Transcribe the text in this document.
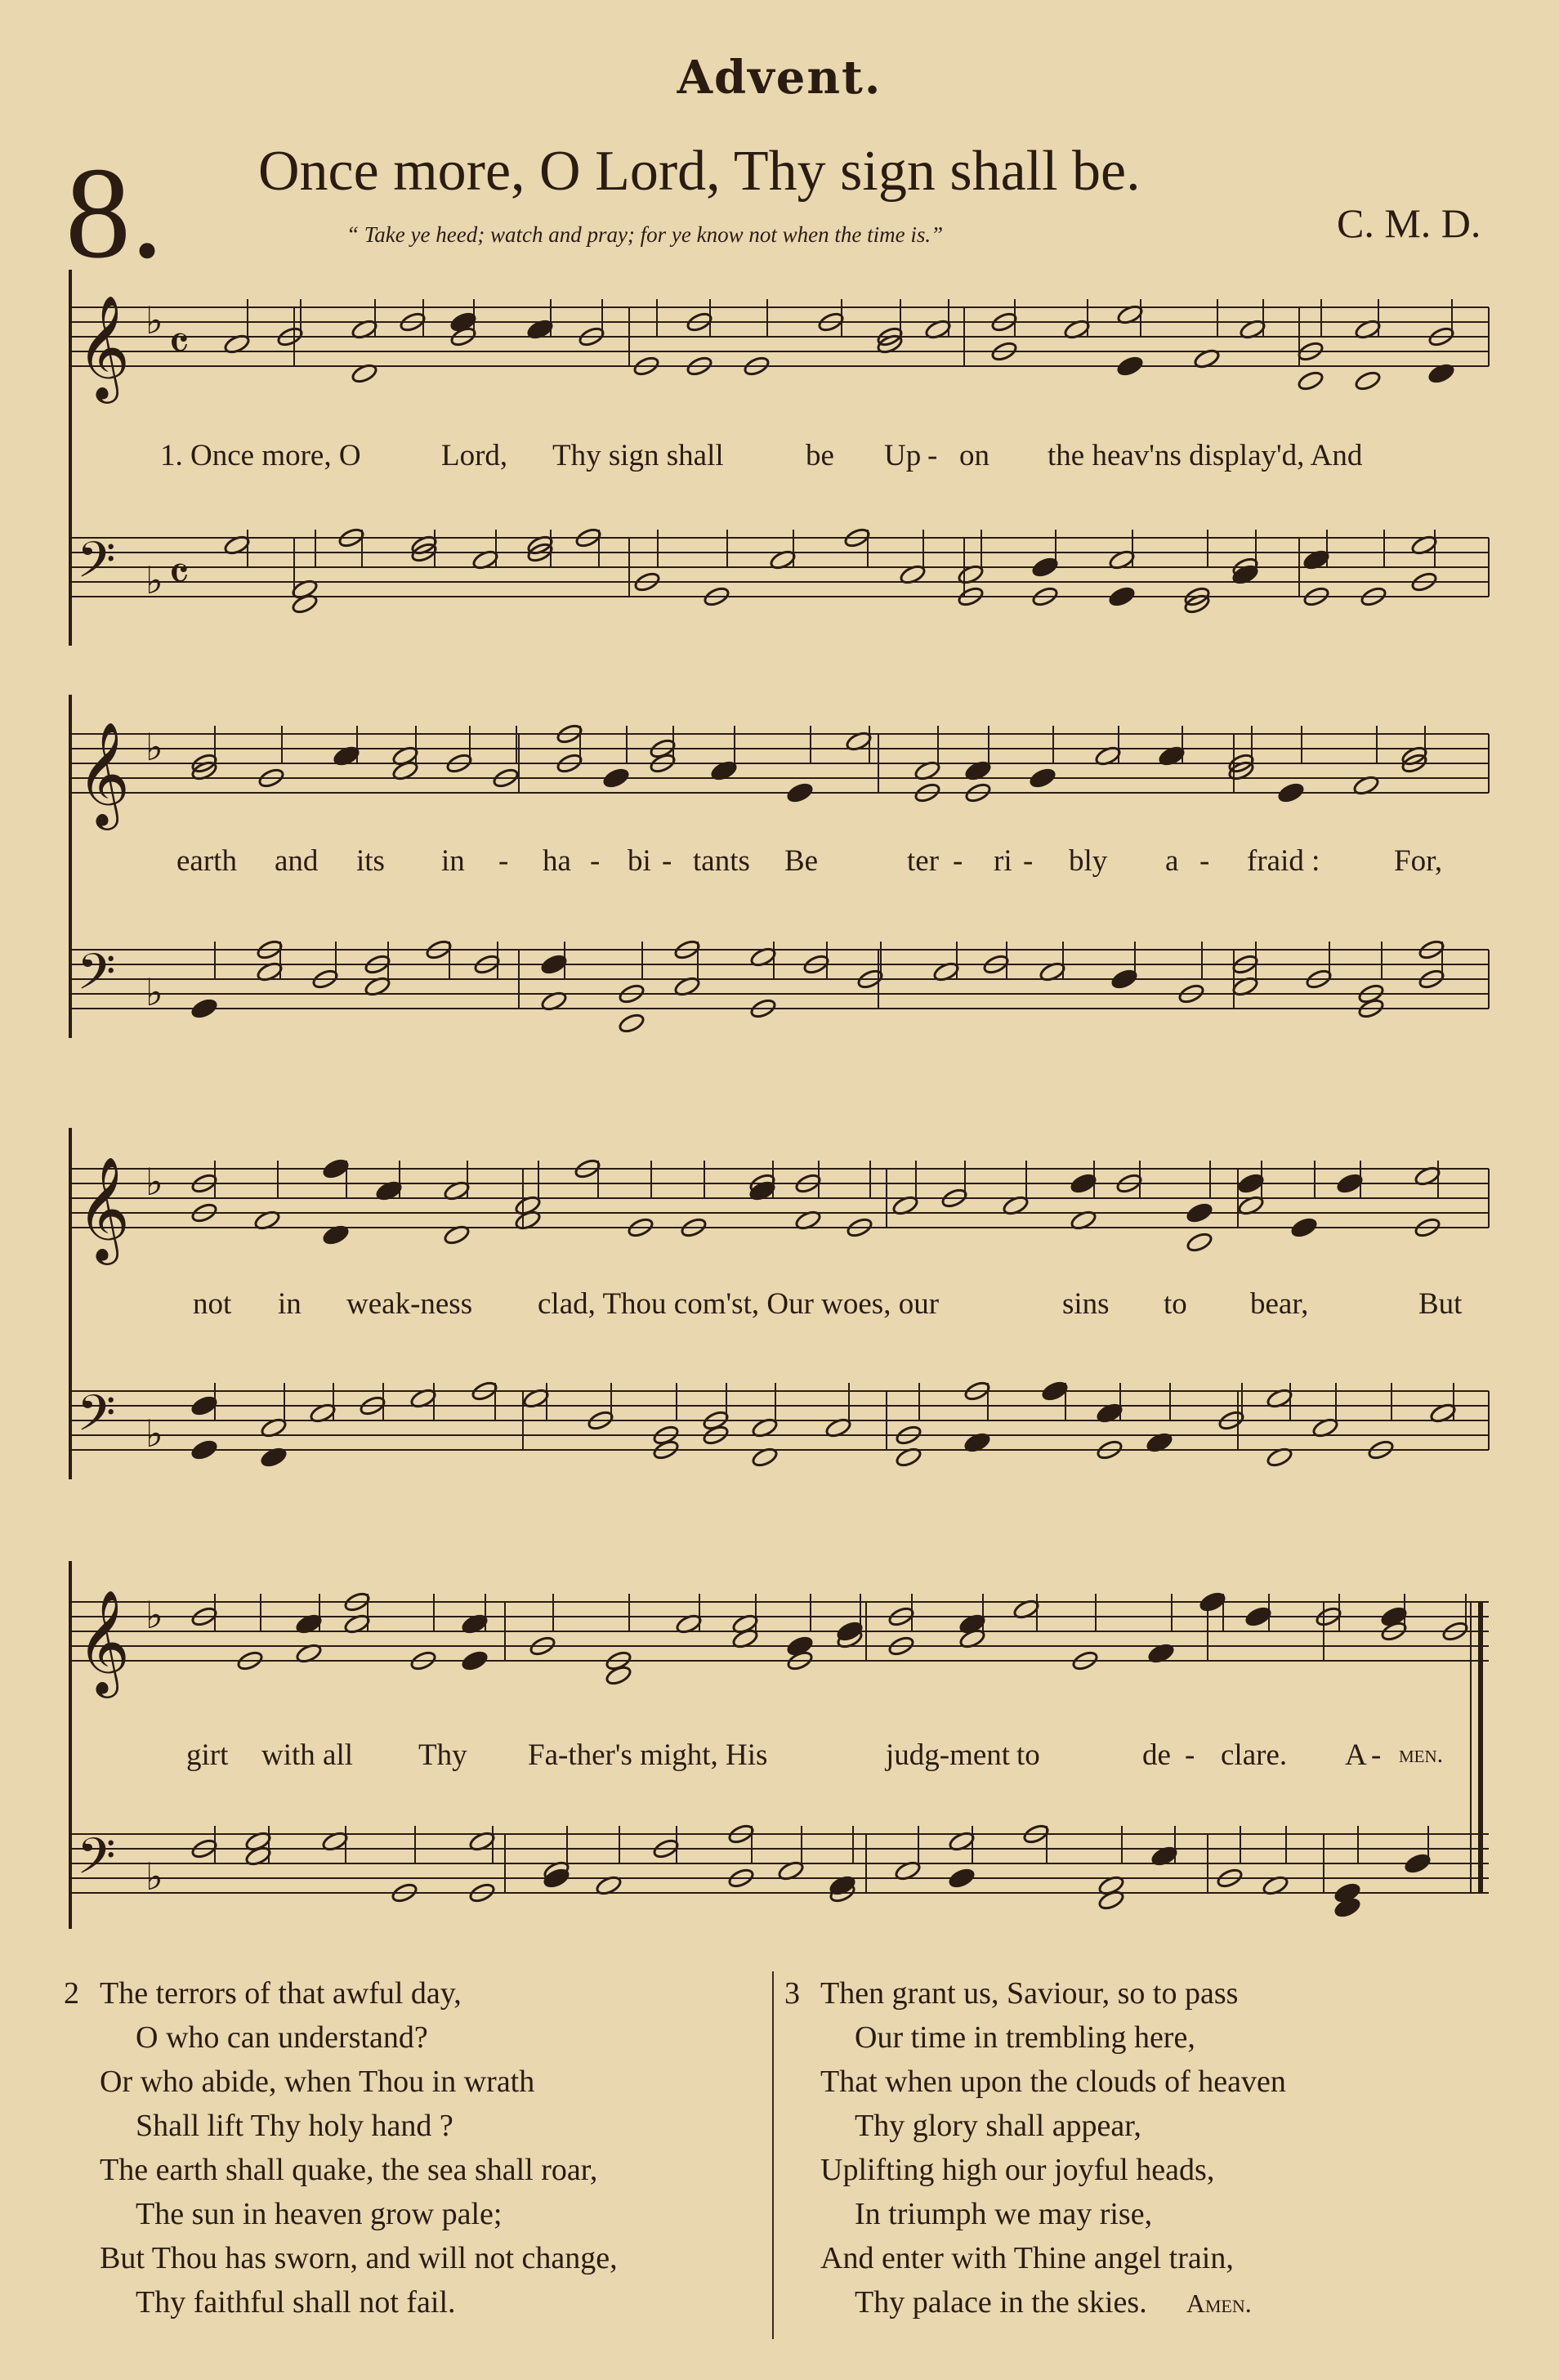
Advent.
8. Once more, O Lord, Thy sign shall be.
“ Take ye heed; watch and pray; for ye know not when the time is.”	C. M. D.
𝄞 ♭ 𝄴
𝄢 ♭ 𝄴
𝄞 ♭
𝄢 ♭
𝄞 ♭
𝄢 ♭
𝄞 ♭
𝄢 ♭
1. Once more, O	Lord, Thy sign shall	be Up - on the heav'ns display'd, And
earth and its in - ha - bi - tants Be	ter - ri - bly a - fraid : For,
not in weak-ness clad, Thou com'st, Our woes, our	sins to bear,	But
girt with all Thy Fa-ther's might, His	judg-ment to	de - clare. A - men.
2 The terrors of that awful day,
O who can understand?
Or who abide, when Thou in wrath
Shall lift Thy holy hand ?
The earth shall quake, the sea shall roar,
The sun in heaven grow pale;
But Thou has sworn, and will not change,
Thy faithful shall not fail.
3 Then grant us, Saviour, so to pass
Our time in trembling here,
That when upon the clouds of heaven
Thy glory shall appear,
Uplifting high our joyful heads,
In triumph we may rise,
And enter with Thine angel train,
Thy palace in the skies. Amen.
